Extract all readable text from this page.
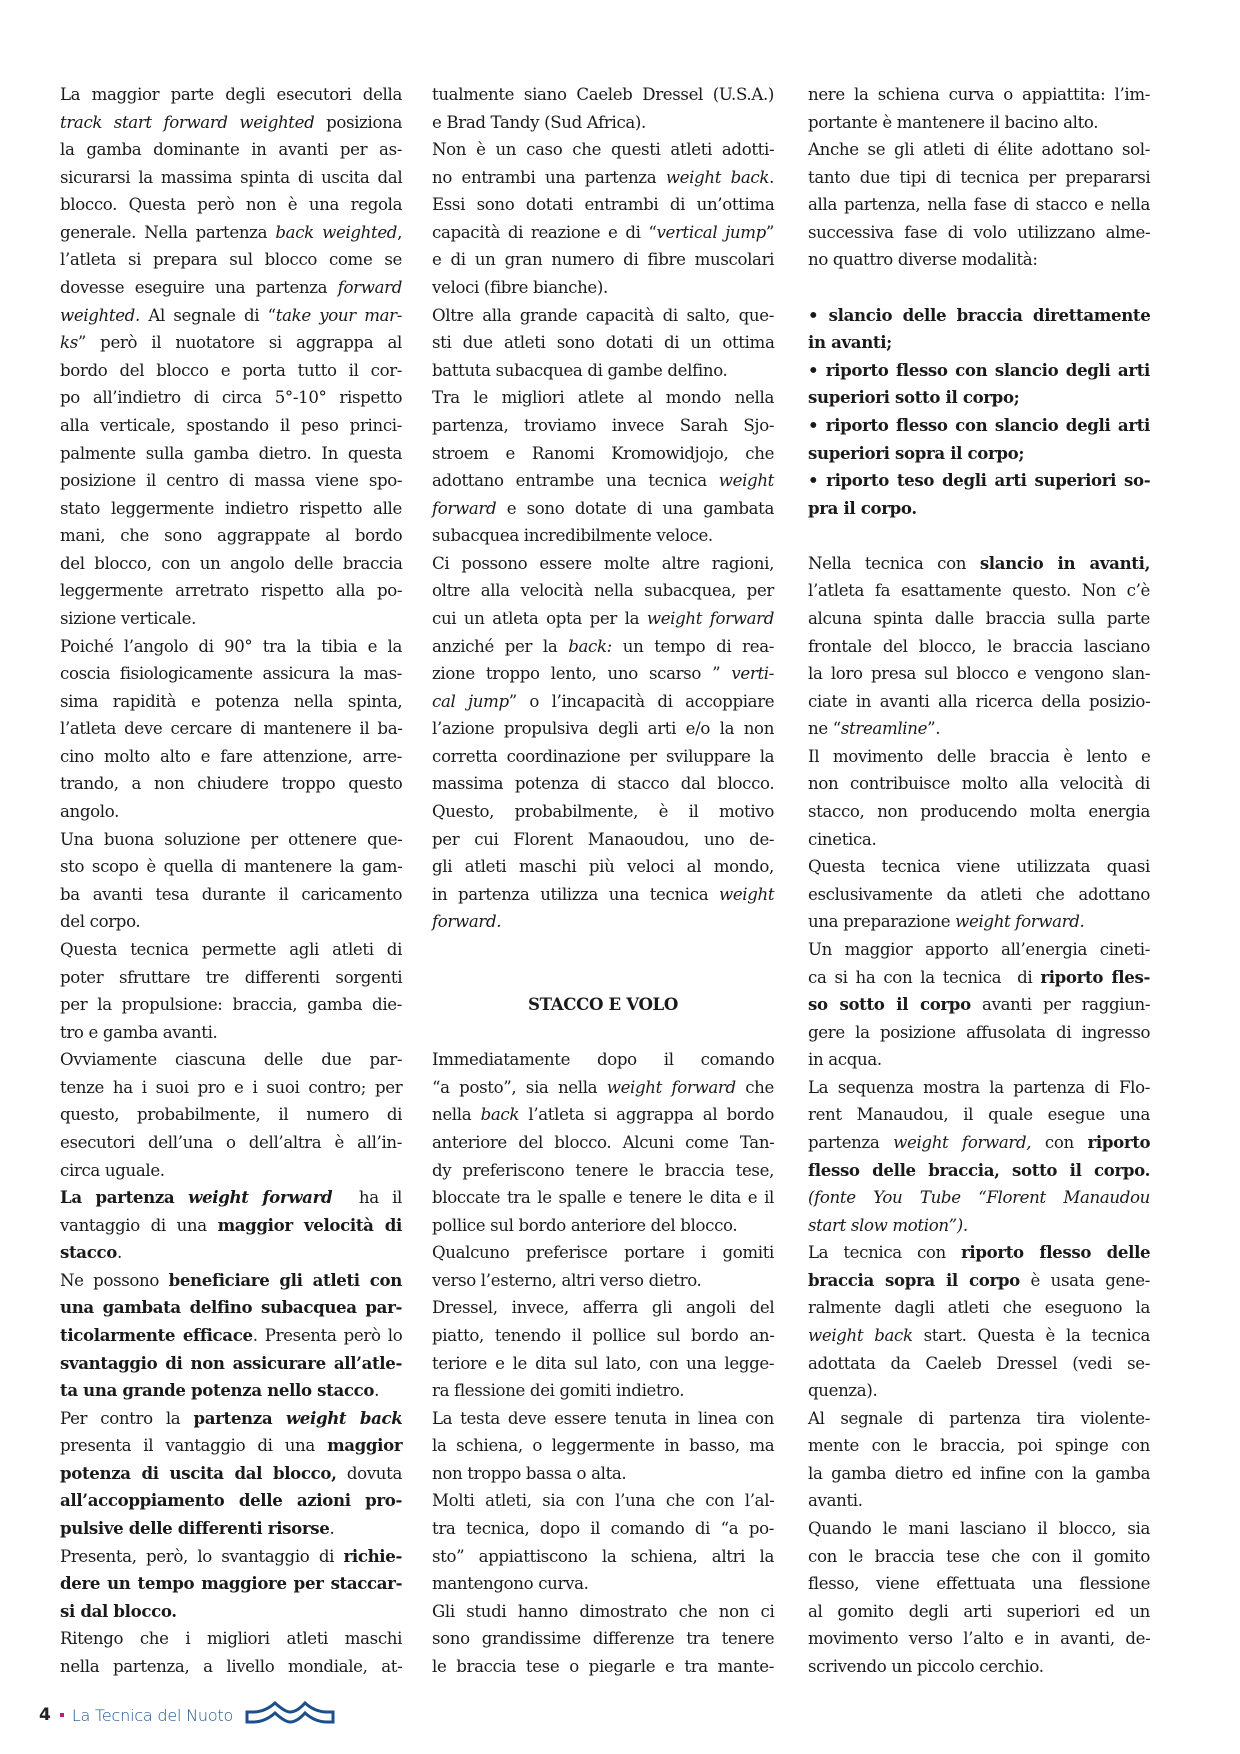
La maggior parte degli esecutori della
track start forward weighted posiziona
la gamba dominante in avanti per as-
sicurarsi la massima spinta di uscita dal
blocco. Questa però non è una regola
generale. Nella partenza back weighted,
l’atleta si prepara sul blocco come se
dovesse eseguire una partenza forward
weighted. Al segnale di “take your mar-
ks” però il nuotatore si aggrappa al
bordo del blocco e porta tutto il cor-
po all’indietro di circa 5°-10° rispetto
alla verticale, spostando il peso princi-
palmente sulla gamba dietro. In questa
posizione il centro di massa viene spo-
stato leggermente indietro rispetto alle
mani, che sono aggrappate al bordo
del blocco, con un angolo delle braccia
leggermente arretrato rispetto alla po-
sizione verticale.
Poiché l’angolo di 90° tra la tibia e la
coscia fisiologicamente assicura la mas-
sima rapidità e potenza nella spinta,
l’atleta deve cercare di mantenere il ba-
cino molto alto e fare attenzione, arre-
trando, a non chiudere troppo questo
angolo.
Una buona soluzione per ottenere que-
sto scopo è quella di mantenere la gam-
ba avanti tesa durante il caricamento
del corpo.
Questa tecnica permette agli atleti di
poter sfruttare tre differenti sorgenti
per la propulsione: braccia, gamba die-
tro e gamba avanti.
Ovviamente ciascuna delle due par-
tenze ha i suoi pro e i suoi contro; per
questo, probabilmente, il numero di
esecutori dell’una o dell’altra è all’in-
circa uguale.
La partenza weight forward  ha il
vantaggio di una maggior velocità di
stacco.
Ne possono beneficiare gli atleti con
una gambata delfino subacquea par-
ticolarmente efficace. Presenta però lo
svantaggio di non assicurare all’atle-
ta una grande potenza nello stacco.
Per contro la partenza weight back
presenta il vantaggio di una maggior
potenza di uscita dal blocco, dovuta
all’accoppiamento delle azioni pro-
pulsive delle differenti risorse.
Presenta, però, lo svantaggio di richie-
dere un tempo maggiore per staccar-
si dal blocco.
Ritengo che i migliori atleti maschi
nella partenza, a livello mondiale, at-
tualmente siano Caeleb Dressel (U.S.A.)
e Brad Tandy (Sud Africa).
Non è un caso che questi atleti adotti-
no entrambi una partenza weight back.
Essi sono dotati entrambi di un’ottima
capacità di reazione e di “vertical jump”
e di un gran numero di fibre muscolari
veloci (fibre bianche).
Oltre alla grande capacità di salto, que-
sti due atleti sono dotati di un ottima
battuta subacquea di gambe delfino.
Tra le migliori atlete al mondo nella
partenza, troviamo invece Sarah Sjo-
stroem e Ranomi Kromowidjojo, che
adottano entrambe una tecnica weight
forward e sono dotate di una gambata
subacquea incredibilmente veloce.
Ci possono essere molte altre ragioni,
oltre alla velocità nella subacquea, per
cui un atleta opta per la weight forward
anziché per la back: un tempo di rea-
zione troppo lento, uno scarso ” verti-
cal jump” o l’incapacità di accoppiare
l’azione propulsiva degli arti e/o la non
corretta coordinazione per sviluppare la
massima potenza di stacco dal blocco.
Questo, probabilmente, è il motivo
per cui Florent Manaoudou, uno de-
gli atleti maschi più veloci al mondo,
in partenza utilizza una tecnica weight
forward.

STACCO E VOLO

Immediatamente dopo il comando
“a posto”, sia nella weight forward che
nella back l’atleta si aggrappa al bordo
anteriore del blocco. Alcuni come Tan-
dy preferiscono tenere le braccia tese,
bloccate tra le spalle e tenere le dita e il
pollice sul bordo anteriore del blocco.
Qualcuno preferisce portare i gomiti
verso l’esterno, altri verso dietro.
Dressel, invece, afferra gli angoli del
piatto, tenendo il pollice sul bordo an-
teriore e le dita sul lato, con una legge-
ra flessione dei gomiti indietro.
La testa deve essere tenuta in linea con
la schiena, o leggermente in basso, ma
non troppo bassa o alta.
Molti atleti, sia con l’una che con l’al-
tra tecnica, dopo il comando di “a po-
sto” appiattiscono la schiena, altri la
mantengono curva.
Gli studi hanno dimostrato che non ci
sono grandissime differenze tra tenere
le braccia tese o piegarle e tra mante-
nere la schiena curva o appiattita: l’im-
portante è mantenere il bacino alto.
Anche se gli atleti di élite adottano sol-
tanto due tipi di tecnica per prepararsi
alla partenza, nella fase di stacco e nella
successiva fase di volo utilizzano alme-
no quattro diverse modalità:

• slancio delle braccia direttamente
in avanti;
• riporto flesso con slancio degli arti
superiori sotto il corpo;
• riporto flesso con slancio degli arti
superiori sopra il corpo;
• riporto teso degli arti superiori so-
pra il corpo.

Nella tecnica con slancio in avanti,
l’atleta fa esattamente questo. Non c’è
alcuna spinta dalle braccia sulla parte
frontale del blocco, le braccia lasciano
la loro presa sul blocco e vengono slan-
ciate in avanti alla ricerca della posizio-
ne “streamline”.
Il movimento delle braccia è lento e
non contribuisce molto alla velocità di
stacco, non producendo molta energia
cinetica.
Questa tecnica viene utilizzata quasi
esclusivamente da atleti che adottano
una preparazione weight forward.
Un maggior apporto all’energia cineti-
ca si ha con la tecnica  di riporto fles-
so sotto il corpo avanti per raggiun-
gere la posizione affusolata di ingresso
in acqua.
La sequenza mostra la partenza di Flo-
rent Manaudou, il quale esegue una
partenza weight forward, con riporto
flesso delle braccia, sotto il corpo.
(fonte You Tube “Florent Manaudou
start slow motion”).
La tecnica con riporto flesso delle
braccia sopra il corpo è usata gene-
ralmente dagli atleti che eseguono la
weight back start. Questa è la tecnica
adottata da Caeleb Dressel (vedi se-
quenza).
Al segnale di partenza tira violente-
mente con le braccia, poi spinge con
la gamba dietro ed infine con la gamba
avanti.
Quando le mani lasciano il blocco, sia
con le braccia tese che con il gomito
flesso, viene effettuata una flessione
al gomito degli arti superiori ed un
movimento verso l’alto e in avanti, de-
scrivendo un piccolo cerchio.
4 La Tecnica del Nuoto
